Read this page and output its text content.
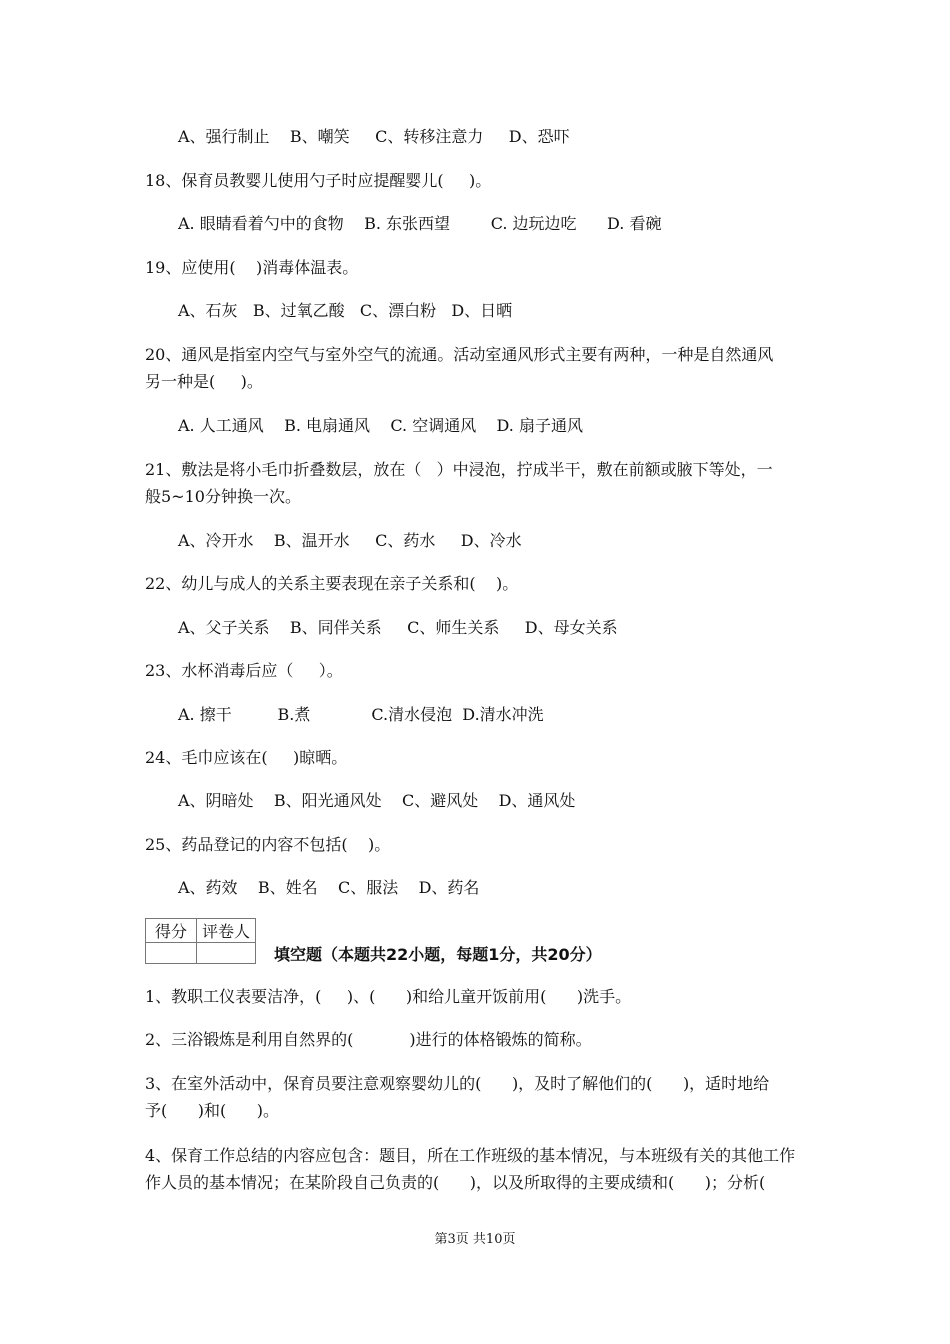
A、强行制止    B、嘲笑     C、转移注意力     D、恐吓
18、保育员教婴儿使用勺子时应提醒婴儿(     )。
A. 眼睛看着勺中的食物    B. 东张西望        C. 边玩边吃      D. 看碗
19、应使用(    )消毒体温表。
A、石灰   B、过氧乙酸   C、漂白粉   D、日晒
20、通风是指室内空气与室外空气的流通。活动室通风形式主要有两种，一种是自然通风
另一种是(     )。
A. 人工通风    B. 电扇通风    C. 空调通风    D. 扇子通风
21、敷法是将小毛巾折叠数层，放在（   ）中浸泡，拧成半干，敷在前额或腋下等处，一
般5~10分钟换一次。
A、冷开水    B、温开水     C、药水     D、冷水
22、幼儿与成人的关系主要表现在亲子关系和(    )。
A、父子关系    B、同伴关系     C、师生关系     D、母女关系
23、水杯消毒后应（     ）。
A. 擦干         B.煮            C.清水侵泡  D.清水冲洗
24、毛巾应该在(     )晾晒。
A、阴暗处    B、阳光通风处    C、避风处    D、通风处
25、药品登记的内容不包括(    )。
A、药效    B、姓名    C、服法    D、药名
1、教职工仪表要洁净，(     )、(      )和给儿童开饭前用(      )洗手。
2、三浴锻炼是利用自然界的(           )进行的体格锻炼的简称。
3、在室外活动中，保育员要注意观察婴幼儿的(      )，及时了解他们的(      )，适时地给
予(      )和(      )。
4、保育工作总结的内容应包含：题目，所在工作班级的基本情况，与本班级有关的其他工作
作人员的基本情况；在某阶段自己负责的(      )，以及所取得的主要成绩和(      )；分析(
得分	评卷人

填空题（本题共22小题，每题1分，共20分）
第3页 共10页
